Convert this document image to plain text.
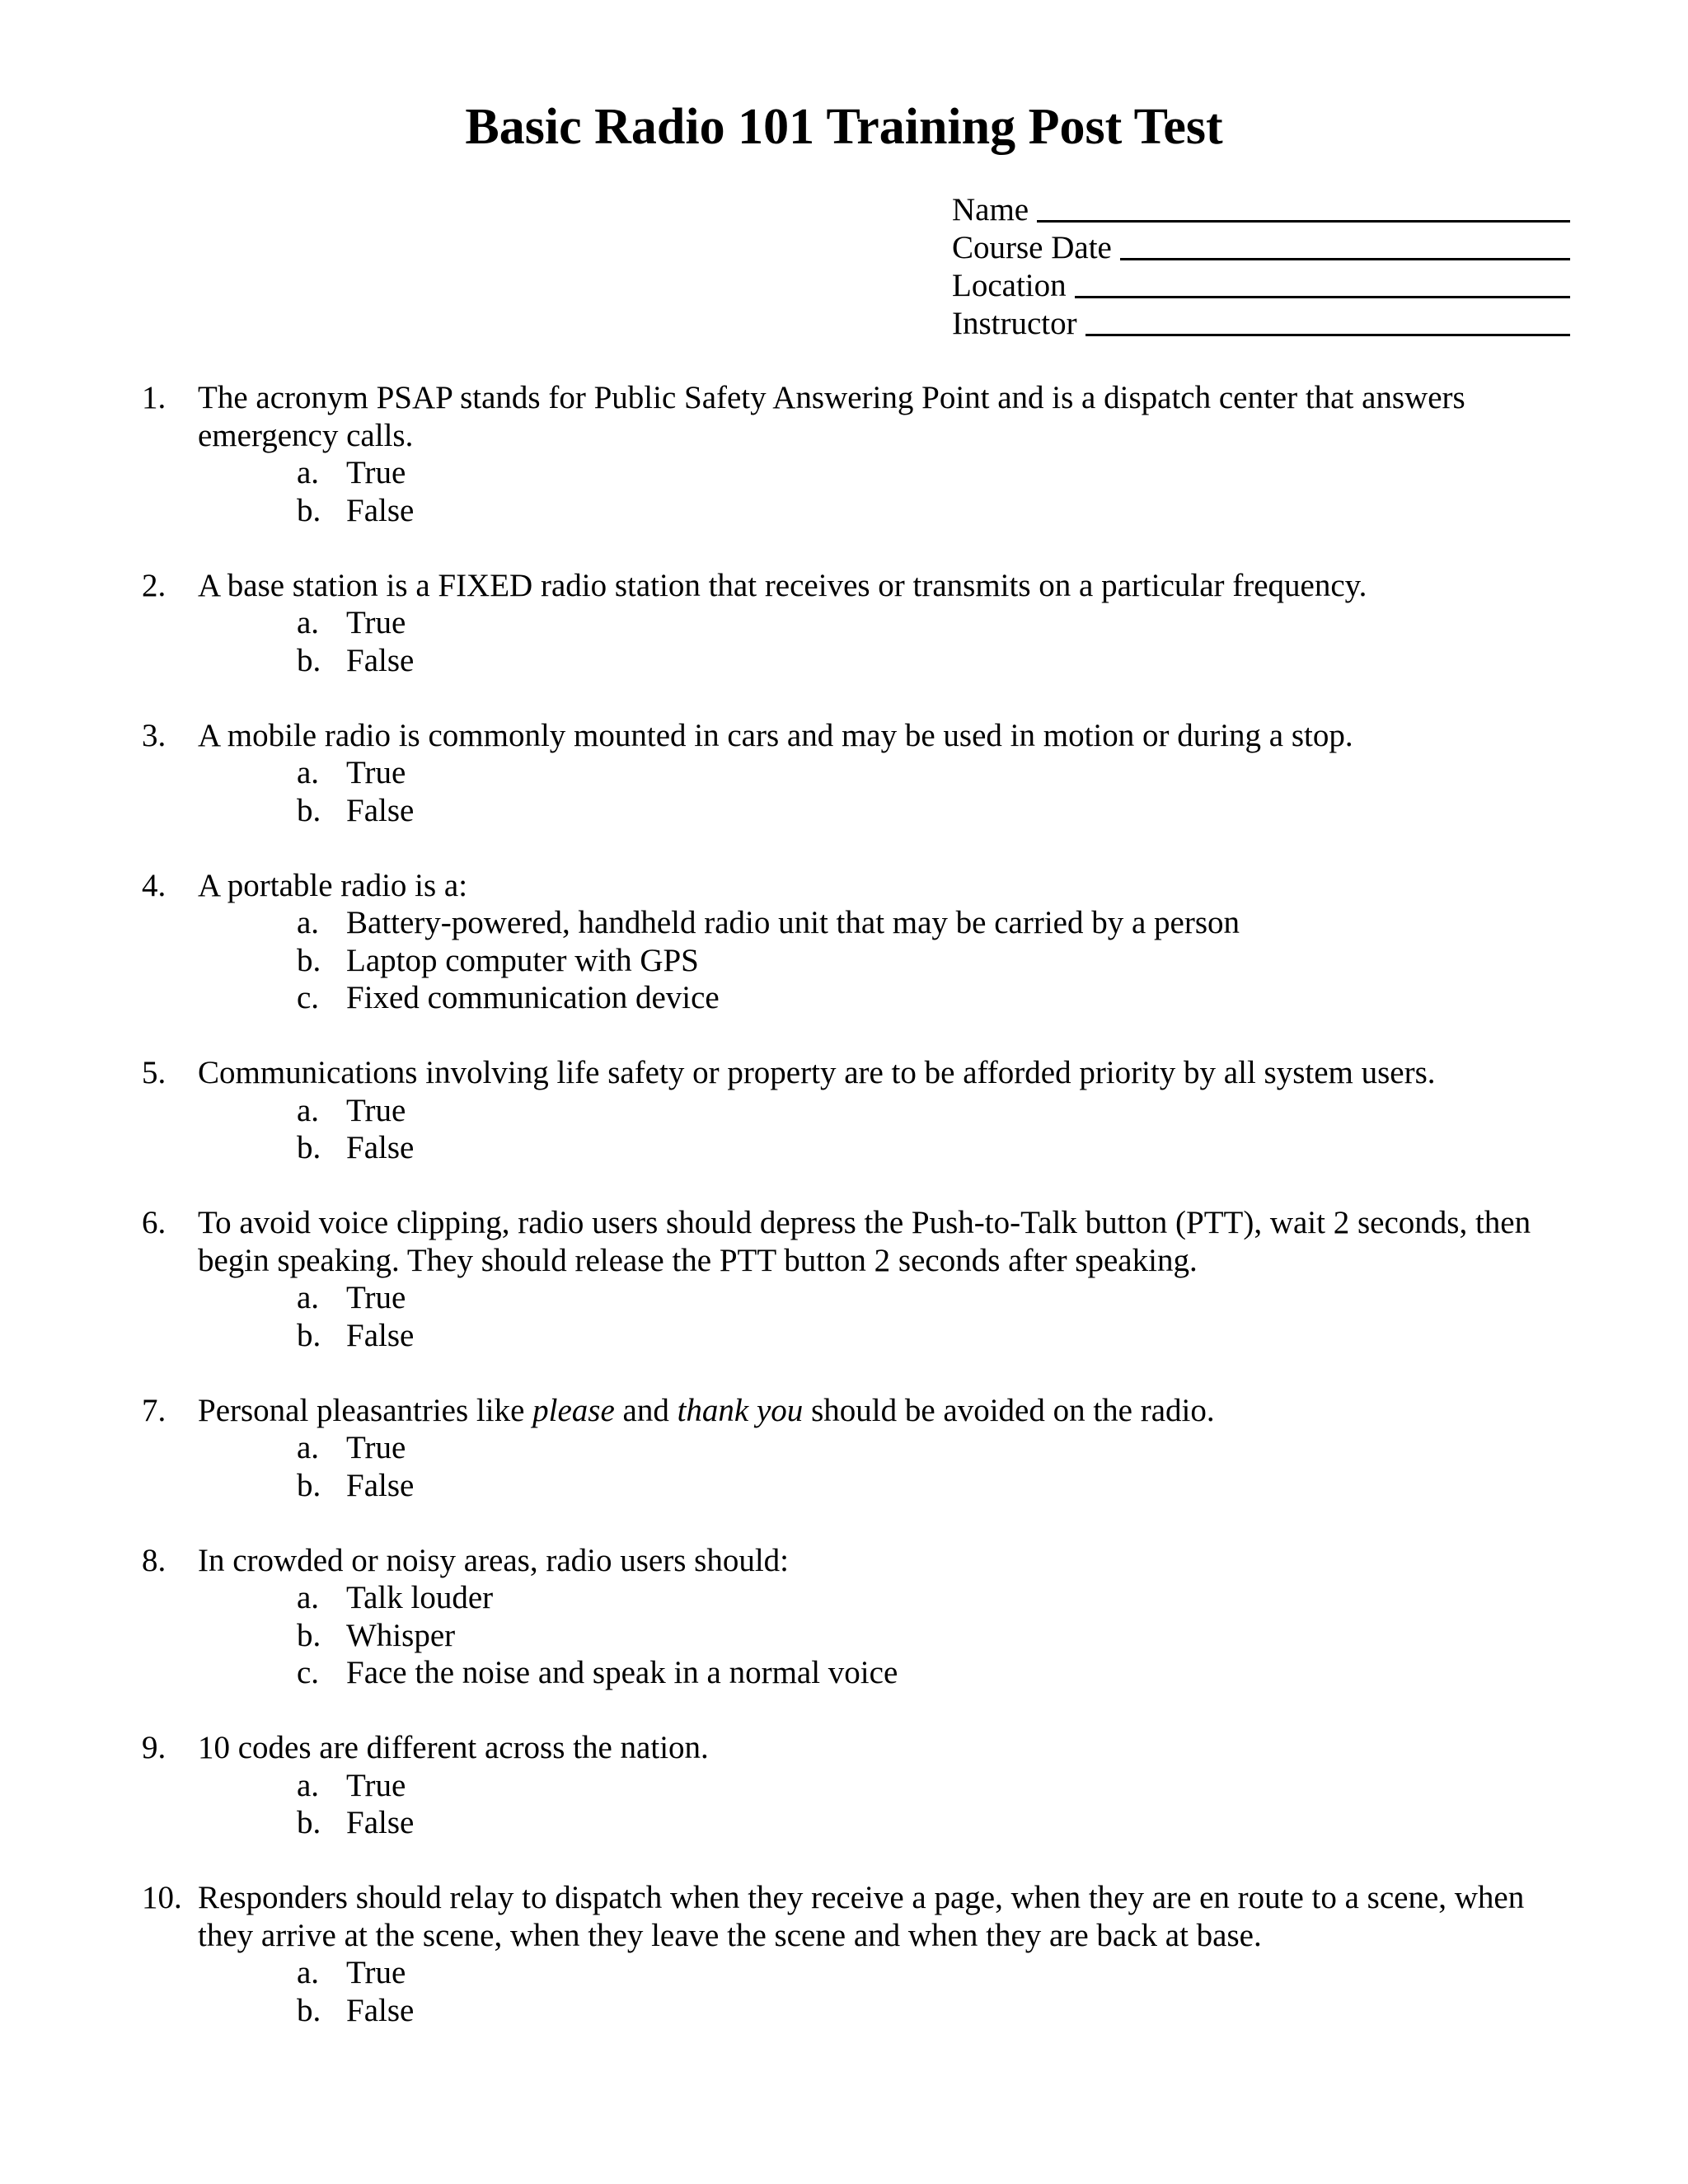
Basic Radio 101 Training Post Test
Name
Course Date
Location
Instructor
1. The acronym PSAP stands for Public Safety Answering Point and is a dispatch center that answers emergency calls.
a. True
b. False
2. A base station is a FIXED radio station that receives or transmits on a particular frequency.
a. True
b. False
3. A mobile radio is commonly mounted in cars and may be used in motion or during a stop.
a. True
b. False
4. A portable radio is a:
a. Battery-powered, handheld radio unit that may be carried by a person
b. Laptop computer with GPS
c. Fixed communication device
5. Communications involving life safety or property are to be afforded priority by all system users.
a. True
b. False
6. To avoid voice clipping, radio users should depress the Push-to-Talk button (PTT), wait 2 seconds, then begin speaking. They should release the PTT button 2 seconds after speaking.
a. True
b. False
7. Personal pleasantries like please and thank you should be avoided on the radio.
a. True
b. False
8. In crowded or noisy areas, radio users should:
a. Talk louder
b. Whisper
c. Face the noise and speak in a normal voice
9. 10 codes are different across the nation.
a. True
b. False
10. Responders should relay to dispatch when they receive a page, when they are en route to a scene, when they arrive at the scene, when they leave the scene and when they are back at base.
a. True
b. False
